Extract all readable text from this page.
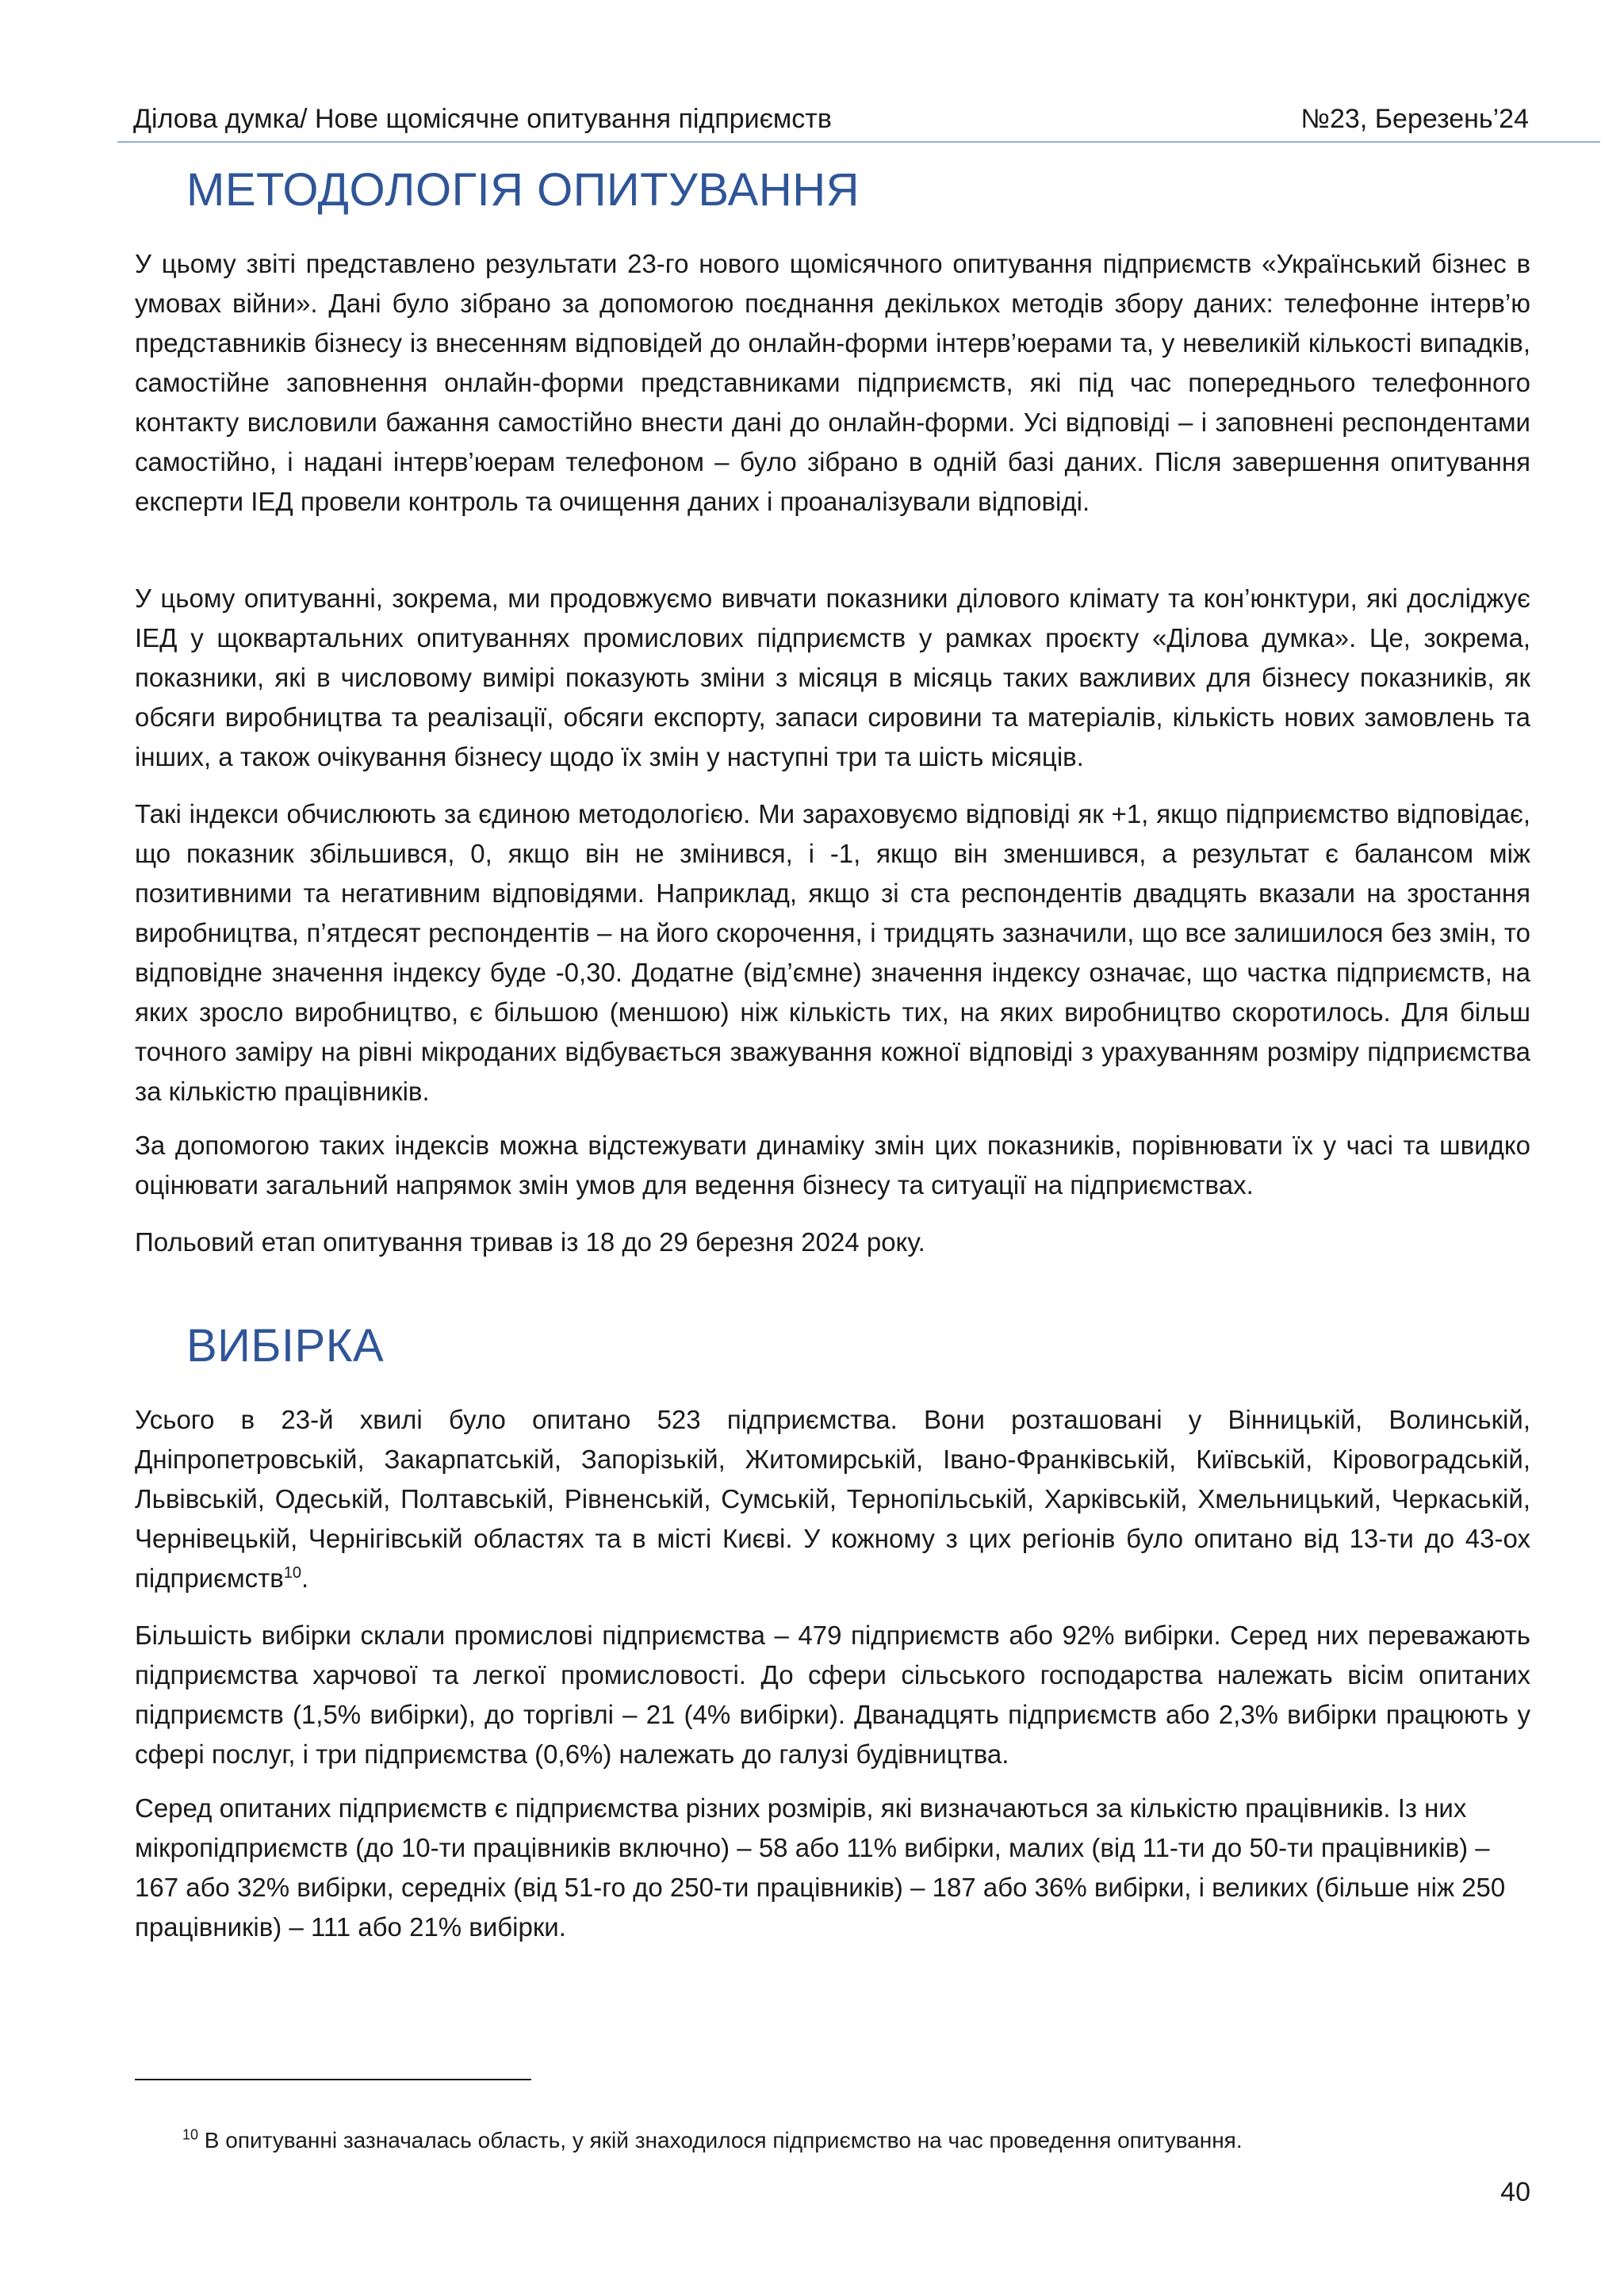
Ділова думка/ Нове щомісячне опитування підприємств	№23, Березень’24
МЕТОДОЛОГІЯ ОПИТУВАННЯ

У цьому звіті представлено результати 23-го нового щомісячного опитування підприємств «Український бізнес в умовах війни». Дані було зібрано за допомогою поєднання декількох методів збору даних: телефонне інтерв’ю представників бізнесу із внесенням відповідей до онлайн-форми інтерв’юерами та, у невеликій кількості випадків, самостійне заповнення онлайн-форми представниками підприємств, які під час попереднього телефонного контакту висловили бажання самостійно внести дані до онлайн-форми. Усі відповіді – і заповнені респондентами самостійно, і надані інтерв’юерам телефоном – було зібрано в одній базі даних. Після завершення опитування експерти ІЕД провели контроль та очищення даних і проаналізували відповіді.

У цьому опитуванні, зокрема, ми продовжуємо вивчати показники ділового клімату та кон’юнктури, які досліджує ІЕД у щоквартальних опитуваннях промислових підприємств у рамках проєкту «Ділова думка». Це, зокрема, показники, які в числовому вимірі показують зміни з місяця в місяць таких важливих для бізнесу показників, як обсяги виробництва та реалізації, обсяги експорту, запаси сировини та матеріалів, кількість нових замовлень та інших, а також очікування бізнесу щодо їх змін у наступні три та шість місяців.

Такі індекси обчислюють за єдиною методологією. Ми зараховуємо відповіді як +1, якщо підприємство відповідає, що показник збільшився, 0, якщо він не змінився, і -1, якщо він зменшився, а результат є балансом між позитивними та негативним відповідями. Наприклад, якщо зі ста респондентів двадцять вказали на зростання виробництва, п’ятдесят респондентів – на його скорочення, і тридцять зазначили, що все залишилося без змін, то відповідне значення індексу буде -0,30. Додатне (від’ємне) значення індексу означає, що частка підприємств, на яких зросло виробництво, є більшою (меншою) ніж кількість тих, на яких виробництво скоротилось. Для більш точного заміру на рівні мікроданих відбувається зважування кожної відповіді з урахуванням розміру підприємства за кількістю працівників.

За допомогою таких індексів можна відстежувати динаміку змін цих показників, порівнювати їх у часі та швидко оцінювати загальний напрямок змін умов для ведення бізнесу та ситуації на підприємствах.

Польовий етап опитування тривав із 18 до 29 березня 2024 року.

ВИБІРКА

Усього в 23-й хвилі було опитано 523 підприємства. Вони розташовані у Вінницькій, Волинській, Дніпропетровській, Закарпатській, Запорізькій, Житомирській, Івано-Франківській, Київській, Кіровоградській, Львівській, Одеській, Полтавській, Рівненській, Сумській, Тернопільській, Харківській, Хмельницький, Черкаській, Чернівецькій, Чернігівській областях та в місті Києві. У кожному з цих регіонів було опитано від 13-ти до 43-ох підприємств$^{10}$.

Більшість вибірки склали промислові підприємства – 479 підприємств або 92% вибірки. Серед них переважають підприємства харчової та легкої промисловості. До сфери сільського господарства належать вісім опитаних підприємств (1,5% вибірки), до торгівлі – 21 (4% вибірки). Дванадцять підприємств або 2,3% вибірки працюють у сфері послуг, і три підприємства (0,6%) належать до галузі будівництва.

Серед опитаних підприємств є підприємства різних розмірів, які визначаються за кількістю працівників. Із них мікропідприємств (до 10-ти працівників включно) – 58 або 11% вибірки, малих (від 11-ти до 50-ти працівників) – 167 або 32% вибірки, середніх (від 51-го до 250-ти працівників) – 187 або 36% вибірки, і великих (більше ніж 250 працівників) – 111 або 21% вибірки.

$^{10}$ В опитуванні зазначалась область, у якій знаходилося підприємство на час проведення опитування.
40
